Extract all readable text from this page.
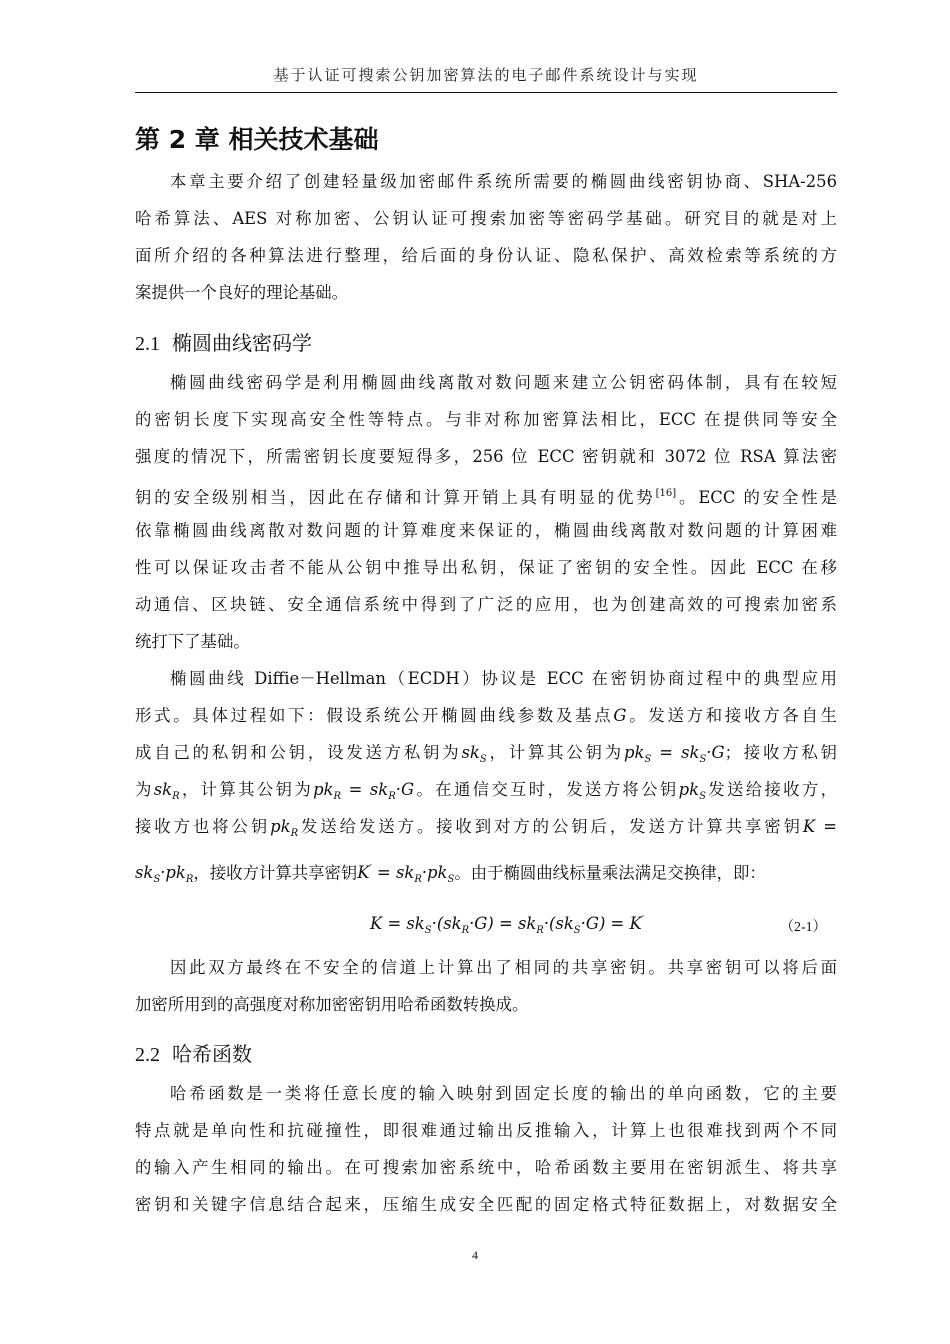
基于认证可搜索公钥加密算法的电子邮件系统设计与实现
第 2 章 相关技术基础
本章主要介绍了创建轻量级加密邮件系统所需要的椭圆曲线密钥协商、SHA-256
哈希算法、AES 对称加密、公钥认证可搜索加密等密码学基础。研究目的就是对上
面所介绍的各种算法进行整理，给后面的身份认证、隐私保护、高效检索等系统的方
案提供一个良好的理论基础。
2.1 椭圆曲线密码学
椭圆曲线密码学是利用椭圆曲线离散对数问题来建立公钥密码体制，具有在较短
的密钥长度下实现高安全性等特点。与非对称加密算法相比，ECC 在提供同等安全
强度的情况下，所需密钥长度要短得多，256 位 ECC 密钥就和 3072 位 RSA 算法密
钥的安全级别相当，因此在存储和计算开销上具有明显的优势[16]。ECC 的安全性是
依靠椭圆曲线离散对数问题的计算难度来保证的，椭圆曲线离散对数问题的计算困难
性可以保证攻击者不能从公钥中推导出私钥，保证了密钥的安全性。因此 ECC 在移
动通信、区块链、安全通信系统中得到了广泛的应用，也为创建高效的可搜索加密系
统打下了基础。
椭圆曲线 Diffie－Hellman（ECDH）协议是 ECC 在密钥协商过程中的典型应用
形式。具体过程如下：假设系统公开椭圆曲线参数及基点G。发送方和接收方各自生
成自己的私钥和公钥，设发送方私钥为$sk_S$，计算其公钥为$pk_S = sk_S\cdot G$；接收方私钥
为$sk_R$，计算其公钥为$pk_R = sk_R\cdot G$。在通信交互时，发送方将公钥$pk_S$发送给接收方，
接收方也将公钥$pk_R$发送给发送方。接收到对方的公钥后，发送方计算共享密钥K =
$sk_S\cdot pk_R$，接收方计算共享密钥$K' = sk_R\cdot pk_S$。由于椭圆曲线标量乘法满足交换律，即：
$K = sk_S\cdot(sk_R\cdot G) = sk_R\cdot(sk_S\cdot G) = K'$	（2-1）
因此双方最终在不安全的信道上计算出了相同的共享密钥。共享密钥可以将后面
加密所用到的高强度对称加密密钥用哈希函数转换成。
2.2 哈希函数
哈希函数是一类将任意长度的输入映射到固定长度的输出的单向函数，它的主要
特点就是单向性和抗碰撞性，即很难通过输出反推输入，计算上也很难找到两个不同
的输入产生相同的输出。在可搜索加密系统中，哈希函数主要用在密钥派生、将共享
密钥和关键字信息结合起来，压缩生成安全匹配的固定格式特征数据上，对数据安全
4
